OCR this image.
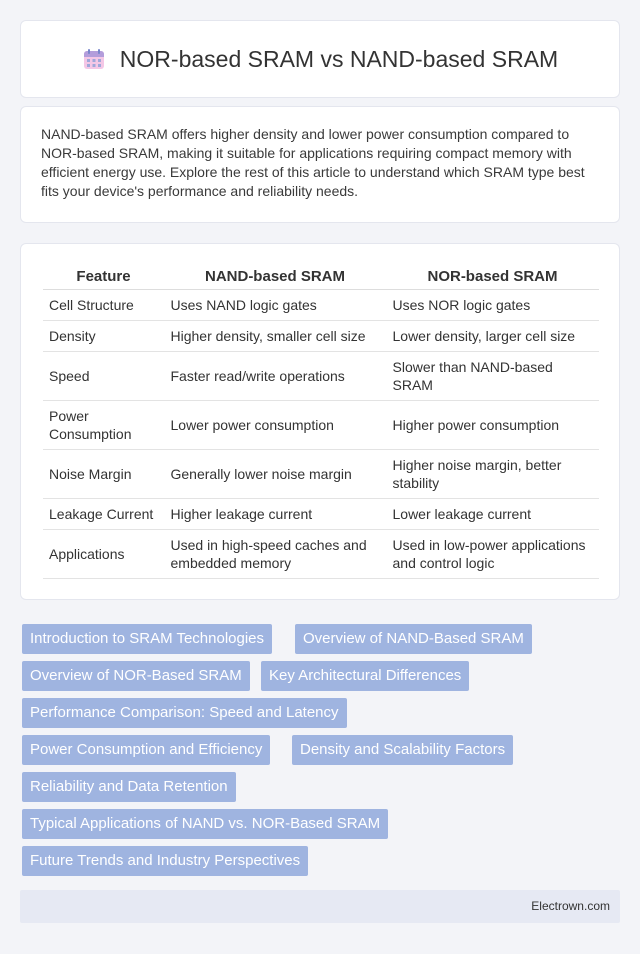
NOR-based SRAM vs NAND-based SRAM

NAND-based SRAM offers higher density and lower power consumption compared to NOR-based SRAM, making it suitable for applications requiring compact memory with efficient energy use. Explore the rest of this article to understand which SRAM type best fits your device's performance and reliability needs.

Feature	NAND-based SRAM	NOR-based SRAM
Cell Structure	Uses NAND logic gates	Uses NOR logic gates
Density	Higher density, smaller cell size	Lower density, larger cell size
Speed	Faster read/write operations	Slower than NAND-based SRAM
Power Consumption	Lower power consumption	Higher power consumption
Noise Margin	Generally lower noise margin	Higher noise margin, better stability
Leakage Current	Higher leakage current	Lower leakage current
Applications	Used in high-speed caches and embedded memory	Used in low-power applications and control logic
Introduction to SRAM Technologies	Overview of NAND-Based SRAM
Overview of NOR-Based SRAM	Key Architectural Differences
Performance Comparison: Speed and Latency
Power Consumption and Efficiency	Density and Scalability Factors
Reliability and Data Retention
Typical Applications of NAND vs. NOR-Based SRAM
Future Trends and Industry Perspectives
Electrown.com
